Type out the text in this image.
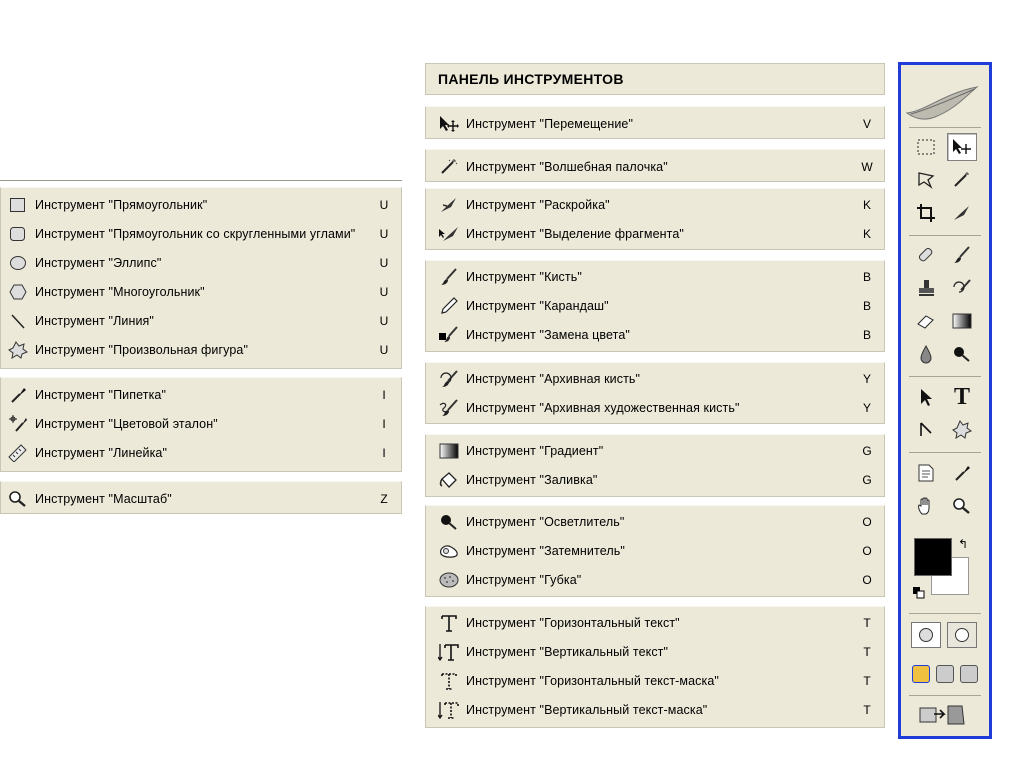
ПАНЕЛЬ ИНСТРУМЕНТОВ
Инструмент "Перемещение"	V
Инструмент "Волшебная палочка"	W
Инструмент "Раскройка"	K
Инструмент "Выделение фрагмента"	K
Инструмент "Кисть"	B
Инструмент "Карандаш"	B
Инструмент "Замена цвета"	B
Инструмент "Архивная кисть"	Y
Инструмент "Архивная художественная кисть"	Y
Инструмент "Градиент"	G
Инструмент "Заливка"	G
Инструмент "Осветлитель"	O
Инструмент "Затемнитель"	O
Инструмент "Губка"	O
Инструмент "Горизонтальный текст"	T
Инструмент "Вертикальный текст"	T
Инструмент "Горизонтальный текст-маска"	T
Инструмент "Вертикальный текст-маска"	T
Инструмент "Прямоугольник"	U
Инструмент "Прямоугольник со скругленными углами"	U
Инструмент "Эллипс"	U
Инструмент "Многоугольник"	U
Инструмент "Линия"	U
Инструмент "Произвольная фигура"	U
Инструмент "Пипетка"	I
Инструмент "Цветовой эталон"	I
Инструмент "Линейка"	I
Инструмент "Масштаб"	Z
T
↰
